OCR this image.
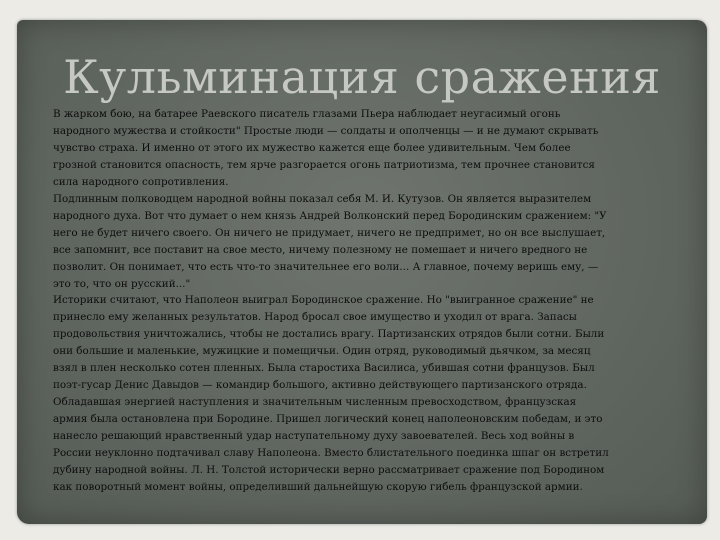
Кульминация сражения
В жарком бою, на батарее Раевского писатель глазами Пьера наблюдает неугасимый огонь
народного мужества и стойкости" Простые люди — солдаты и ополченцы — и не думают скрывать
чувство страха. И именно от этого их мужество кажется еще более удивительным. Чем более
грозной становится опасность, тем ярче разгорается огонь патриотизма, тем прочнее становится
сила народного сопротивления.
Подлинным полководцем народной войны показал себя М. И. Кутузов. Он является выразителем
народного духа. Вот что думает о нем князь Андрей Волконский перед Бородинским сражением: "У
него не будет ничего своего. Он ничего не придумает, ничего не предпримет, но он все выслушает,
все запомнит, все поставит на свое место, ничему полезному не помешает и ничего вредного не
позволит. Он понимает, что есть что-то значительнее его воли... А главное, почему веришь ему, —
это то, что он русский..."
Историки считают, что Наполеон выиграл Бородинское сражение. Но "выигранное сражение" не
принесло ему желанных результатов. Народ бросал свое имущество и уходил от врага. Запасы
продовольствия уничтожались, чтобы не достались врагу. Партизанских отрядов были сотни. Были
они большие и маленькие, мужицкие и помещичьи. Один отряд, руководимый дьячком, за месяц
взял в плен несколько сотен пленных. Была старостиха Василиса, убившая сотни французов. Был
поэт-гусар Денис Давыдов — командир большого, активно действующего партизанского отряда.
Обладавшая энергией наступления и значительным численным превосходством, французская
армия была остановлена при Бородине. Пришел логический конец наполеоновским победам, и это
нанесло решающий нравственный удар наступательному духу завоевателей. Весь ход войны в
России неуклонно подтачивал славу Наполеона. Вместо блистательного поединка шпаг он встретил
дубину народной войны. Л. Н. Толстой исторически верно рассматривает сражение под Бородином
как поворотный момент войны, определивший дальнейшую скорую гибель французской армии.
